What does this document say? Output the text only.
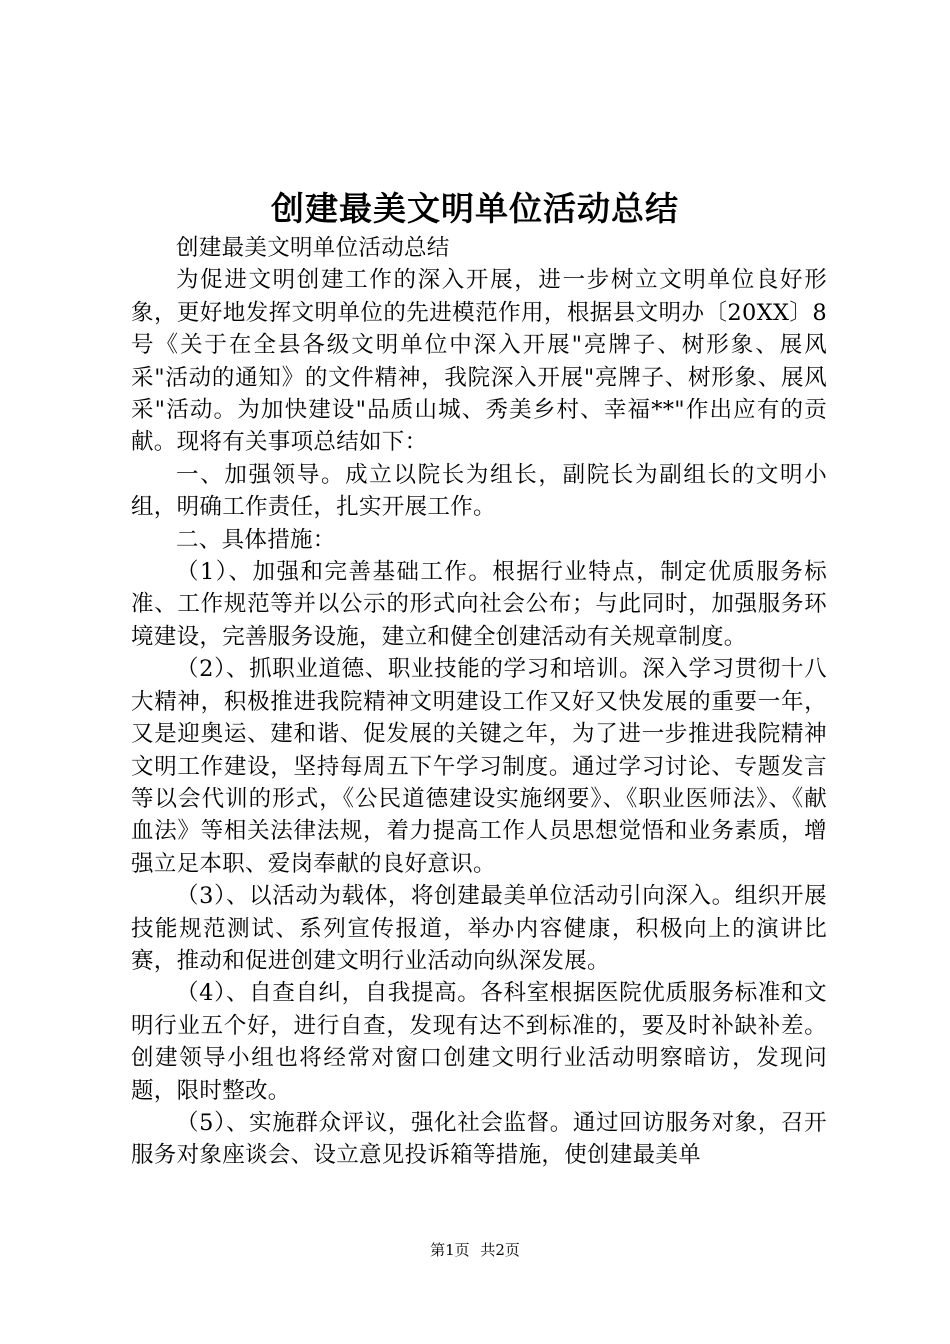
创建最美文明单位活动总结

创建最美文明单位活动总结

为促进文明创建工作的深入开展，进一步树立文明单位良好形象，更好地发挥文明单位的先进模范作用，根据县文明办〔20XX〕8号《关于在全县各级文明单位中深入开展"亮牌子、树形象、展风采"活动的通知》的文件精神，我院深入开展"亮牌子、树形象、展风采"活动。为加快建设"品质山城、秀美乡村、幸福**"作出应有的贡献。现将有关事项总结如下：

一、加强领导。成立以院长为组长，副院长为副组长的文明小组，明确工作责任，扎实开展工作。

二、具体措施：

（1）、加强和完善基础工作。根据行业特点，制定优质服务标准、工作规范等并以公示的形式向社会公布；与此同时，加强服务环境建设，完善服务设施，建立和健全创建活动有关规章制度。

（2）、抓职业道德、职业技能的学习和培训。深入学习贯彻十八大精神，积极推进我院精神文明建设工作又好又快发展的重要一年，又是迎奥运、建和谐、促发展的关键之年，为了进一步推进我院精神文明工作建设，坚持每周五下午学习制度。通过学习讨论、专题发言等以会代训的形式，《公民道德建设实施纲要》、《职业医师法》、《献血法》等相关法律法规，着力提高工作人员思想觉悟和业务素质，增强立足本职、爱岗奉献的良好意识。

（3）、以活动为载体，将创建最美单位活动引向深入。组织开展技能规范测试、系列宣传报道，举办内容健康，积极向上的演讲比赛，推动和促进创建文明行业活动向纵深发展。

（4）、自查自纠，自我提高。各科室根据医院优质服务标准和文明行业五个好，进行自查，发现有达不到标准的，要及时补缺补差。创建领导小组也将经常对窗口创建文明行业活动明察暗访，发现问题，限时整改。

（5）、实施群众评议，强化社会监督。通过回访服务对象，召开服务对象座谈会、设立意见投诉箱等措施，使创建最美单

第1页 共2页
